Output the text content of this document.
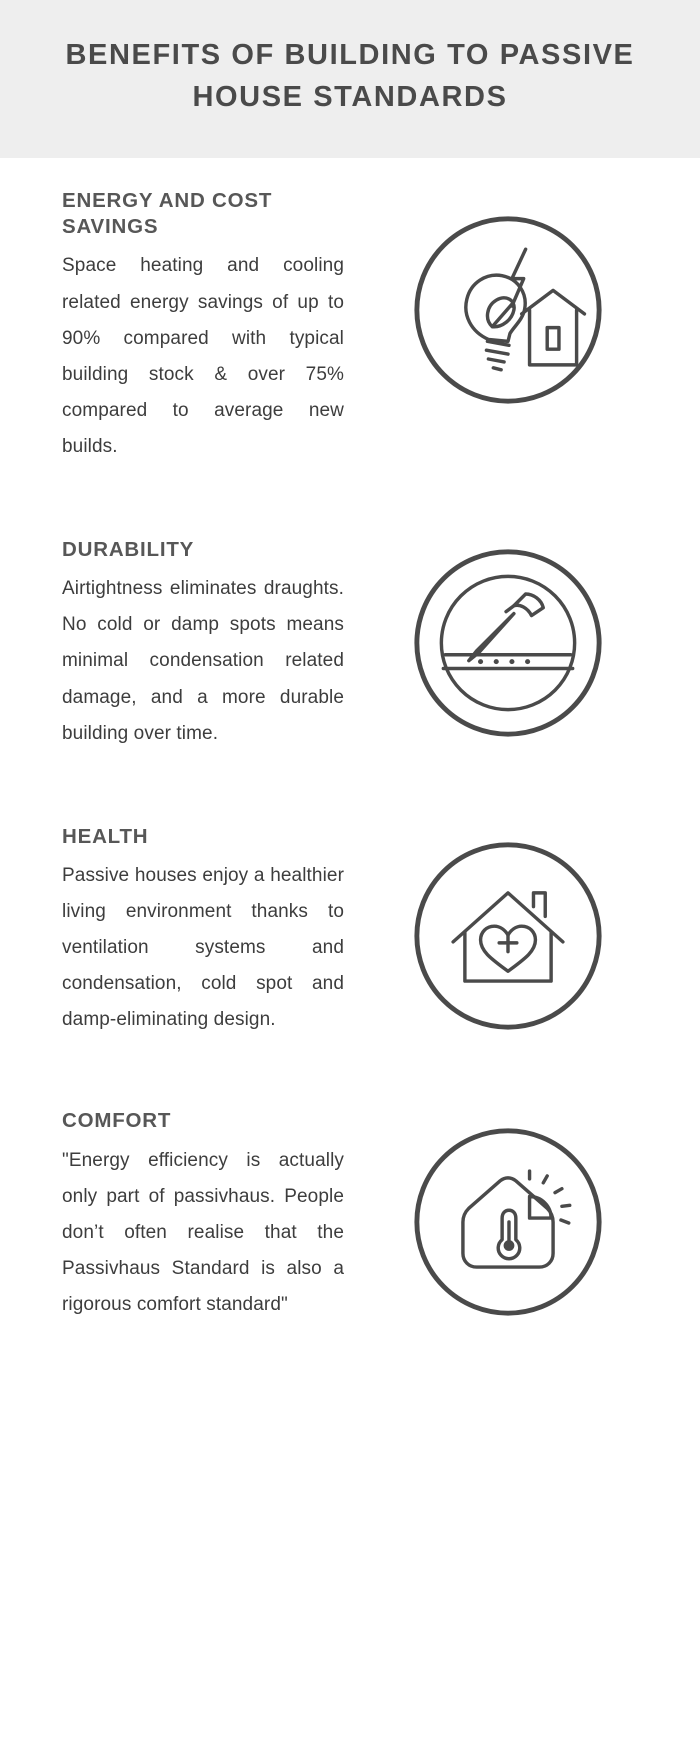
BENEFITS OF BUILDING TO PASSIVE HOUSE STANDARDS
ENERGY AND COST SAVINGS

Space heating and cooling related energy savings of up to 90% compared with typical building stock & over 75% compared to average new builds.

DURABILITY

Airtightness eliminates draughts. No cold or damp spots means minimal condensation related damage, and a more durable building over time.

HEALTH

Passive houses enjoy a healthier living environment thanks to ventilation systems and condensation, cold spot and damp-eliminating design.

COMFORT

"Energy efficiency is actually only part of passivhaus. People don’t often realise that the Passivhaus Standard is also a rigorous comfort standard"
